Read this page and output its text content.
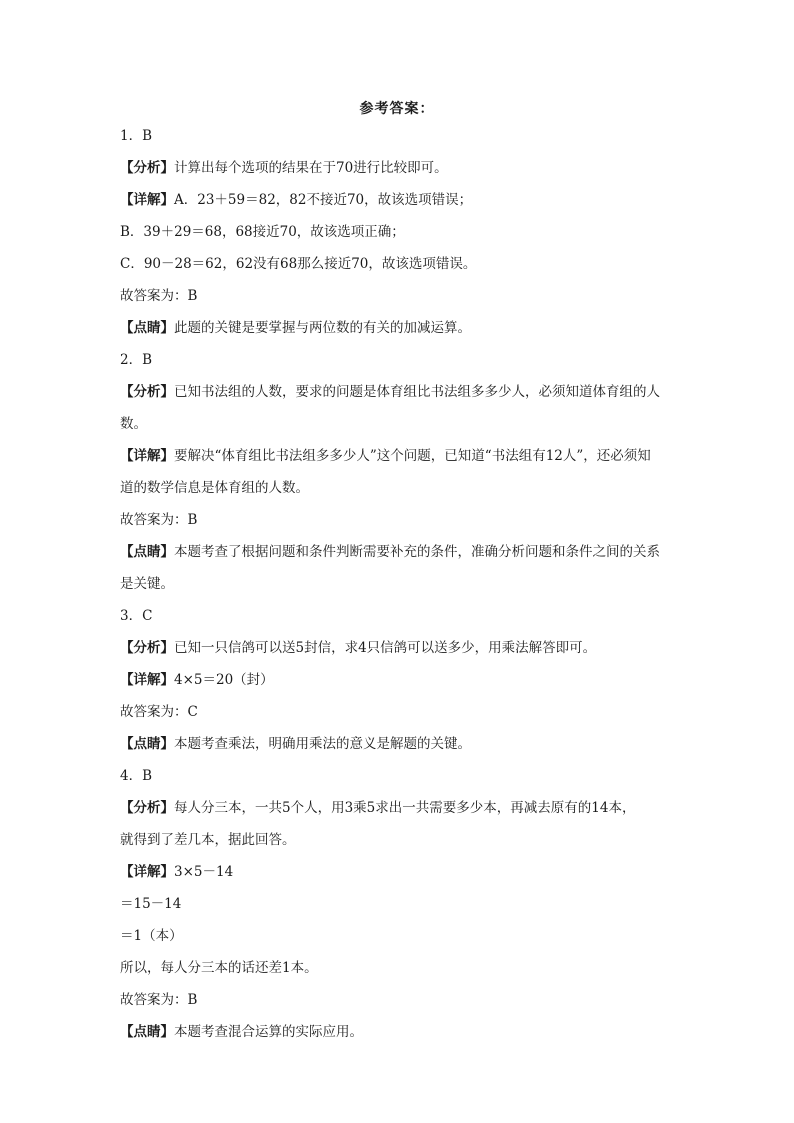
参考答案：
1．B
【分析】计算出每个选项的结果在于70进行比较即可。
【详解】A．23＋59＝82，82不接近70，故该选项错误；
B．39＋29＝68，68接近70，故该选项正确；
C．90－28＝62，62没有68那么接近70，故该选项错误。
故答案为：B
【点睛】此题的关键是要掌握与两位数的有关的加减运算。
2．B
【分析】已知书法组的人数，要求的问题是体育组比书法组多多少人，必须知道体育组的人
数。
【详解】要解决“体育组比书法组多多少人”这个问题，已知道“书法组有12人”，还必须知
道的数学信息是体育组的人数。
故答案为：B
【点睛】本题考查了根据问题和条件判断需要补充的条件，准确分析问题和条件之间的关系
是关键。
3．C
【分析】已知一只信鸽可以送5封信，求4只信鸽可以送多少，用乘法解答即可。
【详解】4×5＝20（封）
故答案为：C
【点睛】本题考查乘法，明确用乘法的意义是解题的关键。
4．B
【分析】每人分三本，一共5个人，用3乘5求出一共需要多少本，再减去原有的14本，
就得到了差几本，据此回答。
【详解】3×5－14
＝15－14
＝1（本）
所以，每人分三本的话还差1本。
故答案为：B
【点睛】本题考查混合运算的实际应用。
